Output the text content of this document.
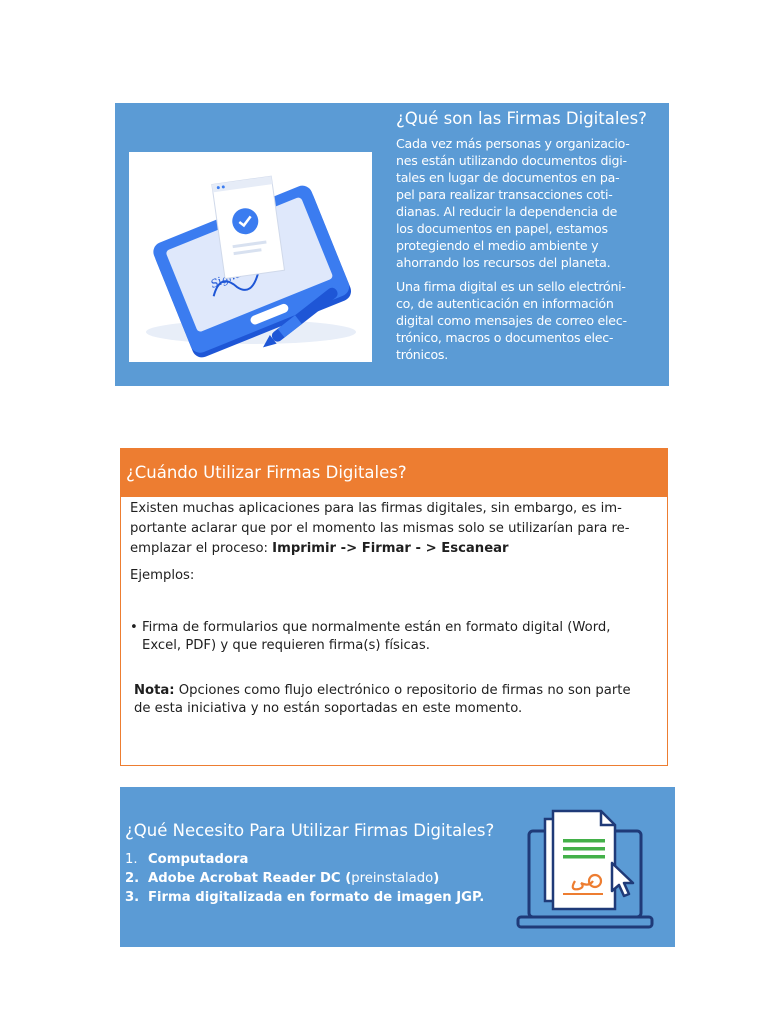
¿Qué son las Firmas Digitales?

Cada vez más personas y organizacio-
nes están utilizando documentos digi-
tales en lugar de documentos en pa-
pel para realizar transacciones coti-
dianas. Al reducir la dependencia de
los documentos en papel, estamos
protegiendo el medio ambiente y
ahorrando los recursos del planeta.

Una firma digital es un sello electróni-
co, de autenticación en información
digital como mensajes de correo elec-
trónico, macros o documentos elec-
trónicos.

¿Cuándo Utilizar Firmas Digitales?

Existen muchas aplicaciones para las firmas digitales, sin embargo, es im-
portante aclarar que por el momento las mismas solo se utilizarían para re-
emplazar el proceso: Imprimir -> Firmar - > Escanear

Ejemplos:

• Firma de formularios que normalmente están en formato digital (Word,
Excel, PDF) y que requieren firma(s) físicas.

Nota: Opciones como flujo electrónico o repositorio de firmas no son parte
de esta iniciativa y no están soportadas en este momento.

¿Qué Necesito Para Utilizar Firmas Digitales?
1. Computadora
2. Adobe Acrobat Reader DC (preinstalado)
3. Firma digitalizada en formato de imagen JGP.
